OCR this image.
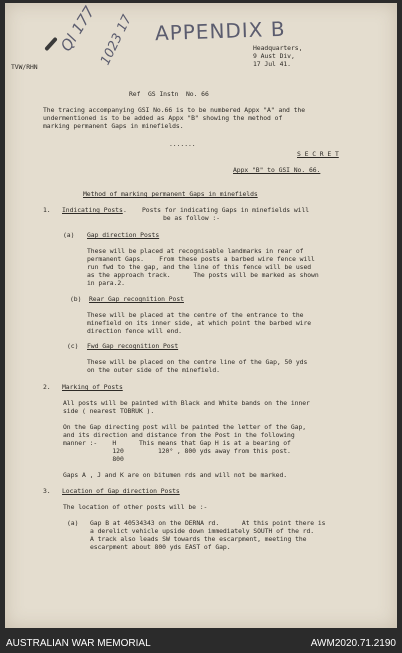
APPENDIX B
Ql 177 1023 17
TVW/RHN
Headquarters,
9 Aust Div,
17 Jul 41.
Ref  GS Instn  No. 66
The tracing accompanying GSI No.66 is to be numbered Appx "A" and the
undermentioned is to be added as Appx "B" showing the method of
marking permanent Gaps in minefields.
.......
S E C R E T
Appx "B" to GSI No. 66.
Method of marking permanent Gaps in minefields
1. Indicating Posts .    Posts for indicating Gaps in minefields will
be as follow :-
(a) Gap direction Posts
These will be placed at recognisable landmarks in rear of
permanent Gaps.    From these posts a barbed wire fence will
run fwd to the gap, and the line of this fence will be used
as the approach track.      The posts will be marked as shown
in para.2.
(b) Rear Gap recognition Post
These will be placed at the centre of the entrance to the
minefield on its inner side, at which point the barbed wire
direction fence will end.
(c) Fwd Gap recognition Post
These will be placed on the centre line of the Gap, 50 yds
on the outer side of the minefield.
2. Marking of Posts
All posts will be painted with Black and White bands on the inner
side ( nearest TOBRUK ).
On the Gap directing post will be painted the letter of the Gap,
and its direction and distance from the Post in the following
manner :-    H      This means that Gap H is at a bearing of
120         120° , 800 yds away from this post.
800
Gaps A , J and K are on bitumen rds and will not be marked.
3. Location of Gap direction Posts
The location of other posts will be :-
(a) Gap B at 40534343 on the DERNA rd.      At this point there is
a derelict vehicle upside down immediately SOUTH of the rd.
A track also leads SW towards the escarpment, meeting the
escarpment about 800 yds EAST of Gap.
AUSTRALIAN WAR MEMORIAL	AWM2020.71.2190
